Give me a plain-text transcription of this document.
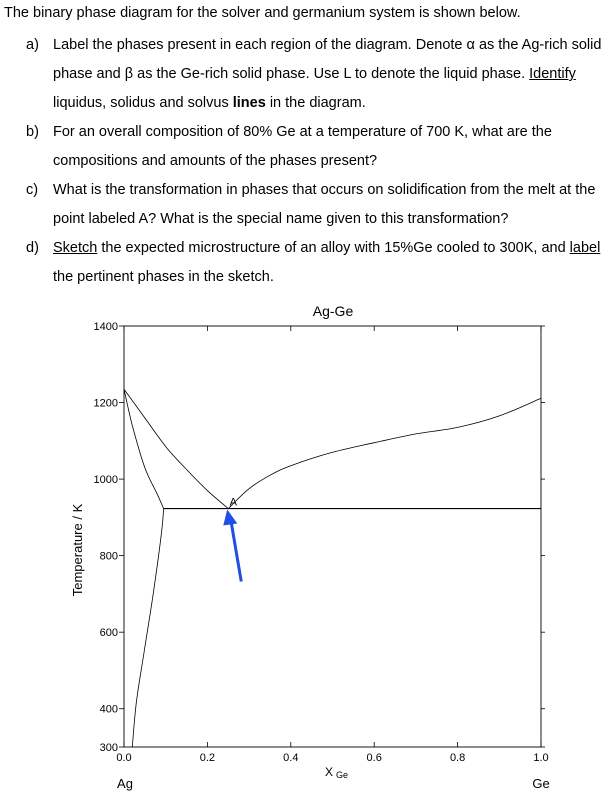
The binary phase diagram for the solver and germanium system is shown below.
a) Label the phases present in each region of the diagram. Denote α as the Ag-rich solid
phase and β as the Ge-rich solid phase. Use L to denote the liquid phase. Identify
liquidus, solidus and solvus lines in the diagram.
b) For an overall composition of 80% Ge at a temperature of 700 K, what are the
compositions and amounts of the phases present?
c)	What is the transformation in phases that occurs on solidification from the melt at the
point labeled A? What is the special name given to this transformation?
d) Sketch the expected microstructure of an alloy with 15%Ge cooled to 300K, and label
the pertinent phases in the sketch.
Ag-Ge
0.0	0.2	0.4	0.6	0.8	1.0
300
400
600
800
1000
1200
1400
Temperature / K
X Ge
Ag	Ge
A
